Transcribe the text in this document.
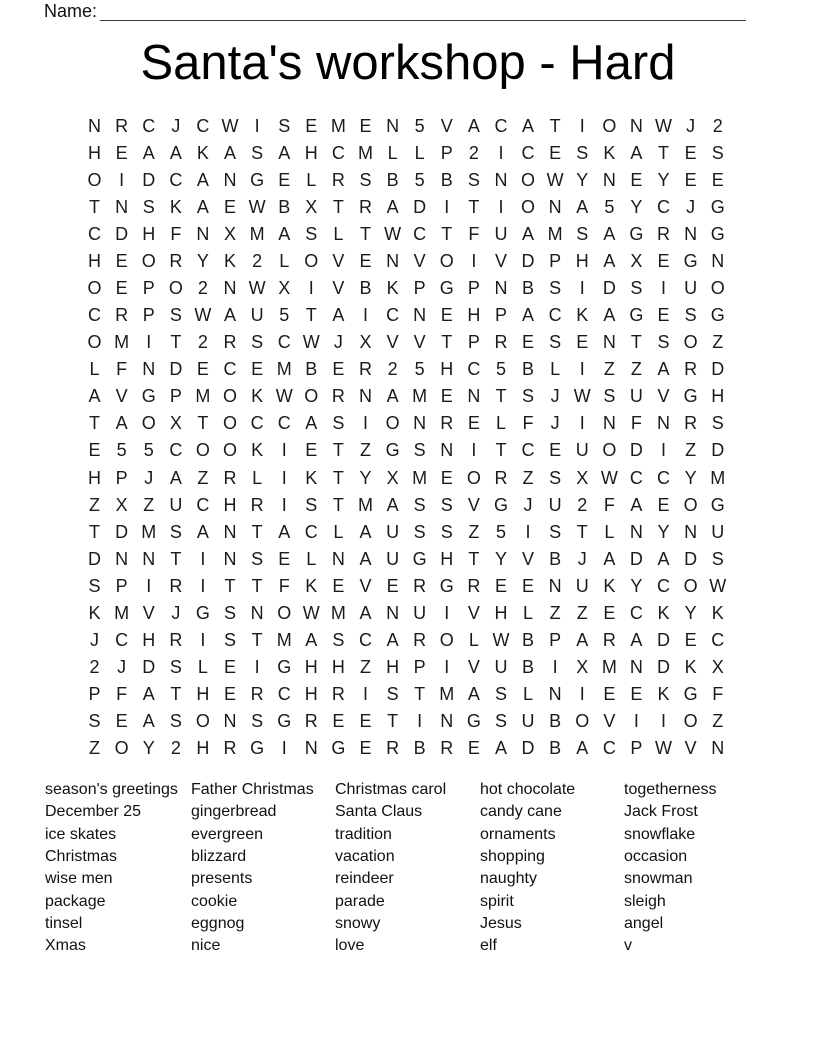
Name:
Santa's workshop - Hard
N R C J C W I	S E M E N 5 V A C A T	I O N W J 2
H E A A K A S A H C M L L P 2	I	C E S K A T E S
O I	D C A N G E L R S B 5 B S N O W Y N E Y E E
T N S K A E W B X T R A D	I	T	I O N A 5 Y C J G
C D H F N X M A S L T W C T F U A M S A G R N G
H E O R Y K 2 L O V E N V O I	V D P H A X E G N
O E P O 2 N W X	I	V B K P G P N B S	I	D S	I	U O
C R P S W A U 5 T A	I	C N E H P A C K A G E S G
O M I	T 2 R S C W J X V V T P R E S E N T S O Z
L F N D E C E M B E R 2 5 H C 5 B L	I	Z Z A R D
A V G P M O K W O R N A M E N T S J W S U V G H
T A O X T O C C A S	I O N R E L F J	I	N F N R S
E 5 5 C O O K	I	E T Z G S N	I	T C E U O D	I	Z D
H P J A Z R L	I	K T Y X M E O R Z S X W C C Y M
Z X Z U C H R	I	S T M A S S V G J U 2 F A E O G
T D M S A N T A C L A U S S Z 5	I	S T L N Y N U
D N N T	I	N S E L N A U G H T Y V B J A D A D S
S P	I	R	I	T T F K E V E R G R E E N U K Y C O W
K M V J G S N O W M A N U	I	V H L Z Z E C K Y K
J C H R	I	S T M A S C A R O L W B P A R A D E C
2 J D S L E	I G H H Z H P	I	V U B	I	X M N D K X
P F A T H E R C H R	I	S T M A S L N	I	E E K G F
S E A S O N S G R E E T	I	N G S U B O V	I	I O Z
Z O Y 2 H R G I	N G E R B R E A D B A C P W V N
season's greetings
December 25
ice skates
Christmas
wise men
package
tinsel
Xmas
Father Christmas
gingerbread
evergreen
blizzard
presents
cookie
eggnog
nice
Christmas carol
Santa Claus
tradition
vacation
reindeer
parade
snowy
love
hot chocolate
candy cane
ornaments
shopping
naughty
spirit
Jesus
elf
togetherness
Jack Frost
snowflake
occasion
snowman
sleigh
angel
v
